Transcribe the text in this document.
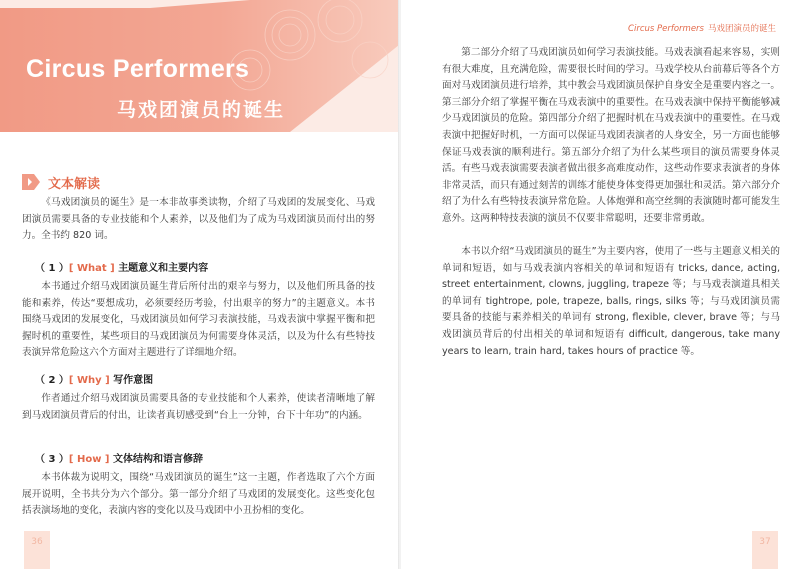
Circus Performers
马戏团演员的诞生
文本解读

《马戏团演员的诞生》是一本非故事类读物，介绍了马戏团的发展变化、马戏团演员需要具备的专业技能和个人素养，以及他们为了成为马戏团演员而付出的努力。全书约 820 词。

（ 1 ）[ What ] 主题意义和主要内容

本书通过介绍马戏团演员诞生背后所付出的艰辛与努力，以及他们所具备的技能和素养，传达“要想成功，必须要经历考验，付出艰辛的努力”的主题意义。本书围绕马戏团的发展变化，马戏团演员如何学习表演技能，马戏表演中掌握平衡和把握时机的重要性，某些项目的马戏团演员为何需要身体灵活，以及为什么有些特技表演异常危险这六个方面对主题进行了详细地介绍。

（ 2 ）[ Why ] 写作意图

作者通过介绍马戏团演员需要具备的专业技能和个人素养，使读者清晰地了解到马戏团演员背后的付出，让读者真切感受到“台上一分钟，台下十年功”的内涵。

（ 3 ）[ How ] 文体结构和语言修辞

本书体裁为说明文，围绕“马戏团演员的诞生”这一主题，作者选取了六个方面展开说明，全书共分为六个部分。第一部分介绍了马戏团的发展变化。这些变化包括表演场地的变化，表演内容的变化以及马戏团中小丑扮相的变化。

36
Circus Performers 马戏团演员的诞生

第二部分介绍了马戏团演员如何学习表演技能。马戏表演看起来容易，实则有很大难度，且充满危险，需要很长时间的学习。马戏学校从台前幕后等各个方面对马戏团演员进行培养，其中教会马戏团演员保护自身安全是重要内容之一。第三部分介绍了掌握平衡在马戏表演中的重要性。在马戏表演中保持平衡能够减少马戏团演员的危险。第四部分介绍了把握时机在马戏表演中的重要性。在马戏表演中把握好时机，一方面可以保证马戏团表演者的人身安全，另一方面也能够保证马戏表演的顺利进行。第五部分介绍了为什么某些项目的演员需要身体灵活。有些马戏表演需要表演者做出很多高难度动作，这些动作要求表演者的身体非常灵活，而只有通过刻苦的训练才能使身体变得更加强壮和灵活。第六部分介绍了为什么有些特技表演异常危险。人体炮弹和高空丝绸的表演随时都可能发生意外。这两种特技表演的演员不仅要非常聪明，还要非常勇敢。

本书以介绍“马戏团演员的诞生”为主要内容，使用了一些与主题意义相关的单词和短语，如与马戏表演内容相关的单词和短语有 tricks, dance, acting, street entertainment, clowns, juggling, trapeze 等；与马戏表演道具相关的单词有 tightrope, pole, trapeze, balls, rings, silks 等；与马戏团演员需要具备的技能与素养相关的单词有 strong, flexible, clever, brave 等；与马戏团演员背后的付出相关的单词和短语有 difficult, dangerous, take many years to learn, train hard, takes hours of practice 等。

37
